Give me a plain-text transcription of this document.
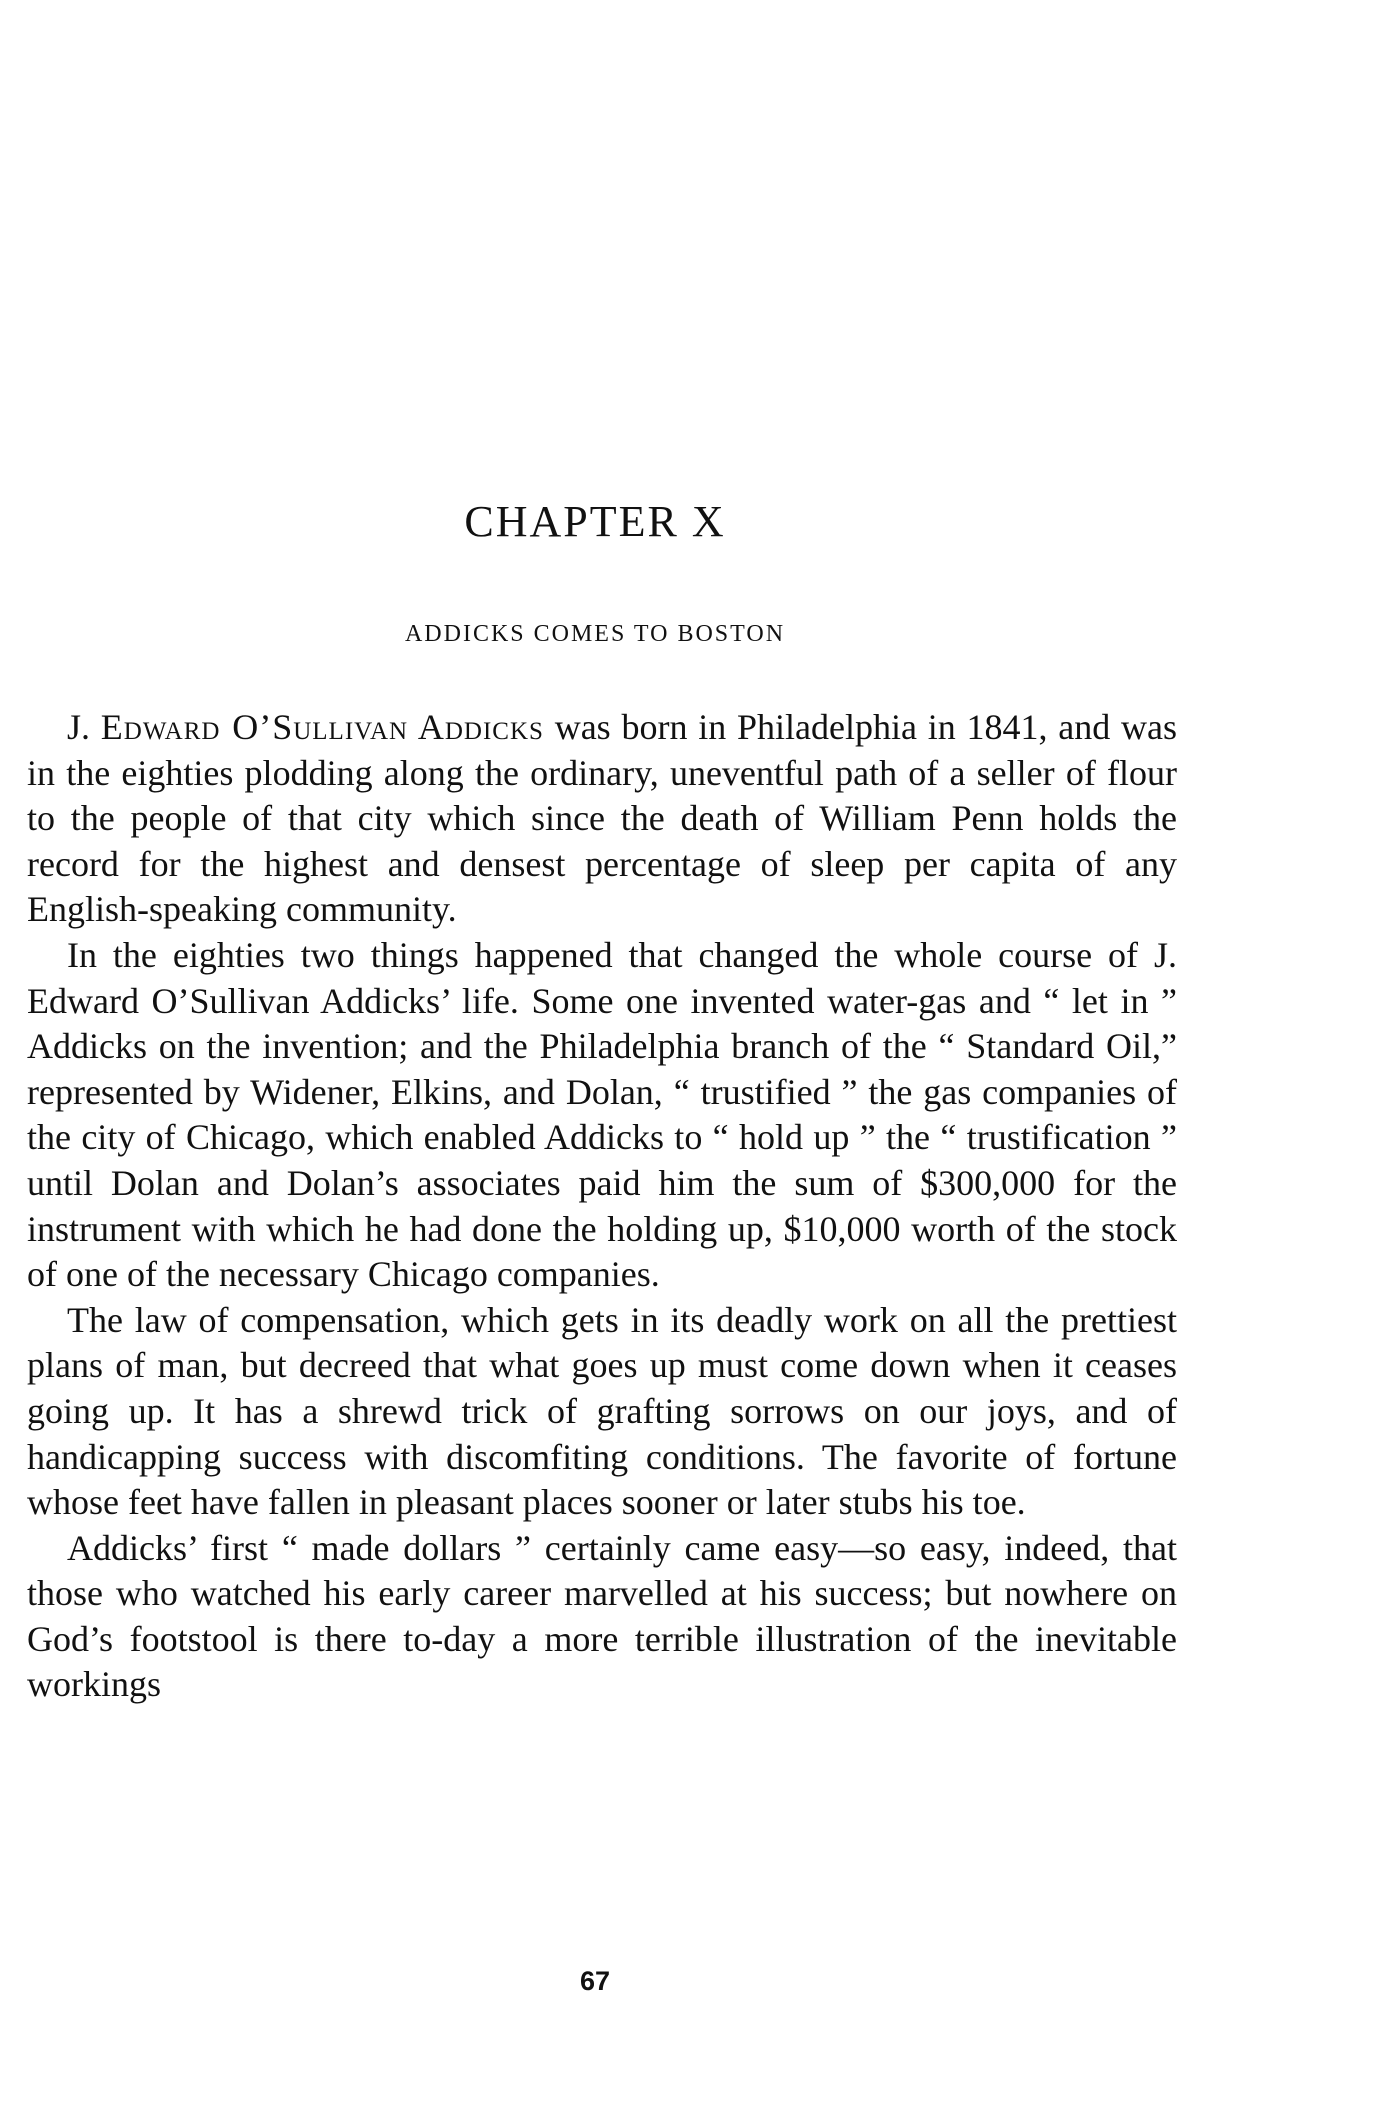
CHAPTER X
ADDICKS COMES TO BOSTON

J. Edward O’Sullivan Addicks was born in Philadelphia in 1841, and was in the eighties plodding along the ordinary, uneventful path of a seller of flour to the people of that city which since the death of William Penn holds the record for the highest and densest percentage of sleep per capita of any English-speaking community.

In the eighties two things happened that changed the whole course of J. Edward O’Sullivan Addicks’ life. Some one invented water-gas and “ let in ” Addicks on the invention; and the Philadelphia branch of the “ Standard Oil,” represented by Widener, Elkins, and Dolan, “ trustified ” the gas companies of the city of Chicago, which enabled Addicks to “ hold up ” the “ trustification ” until Dolan and Dolan’s associates paid him the sum of $300,000 for the instrument with which he had done the holding up, $10,000 worth of the stock of one of the necessary Chicago companies.

The law of compensation, which gets in its deadly work on all the prettiest plans of man, but decreed that what goes up must come down when it ceases going up. It has a shrewd trick of grafting sorrows on our joys, and of handicapping success with discomfiting conditions. The favorite of fortune whose feet have fallen in pleasant places sooner or later stubs his toe.

Addicks’ first “ made dollars ” certainly came easy—so easy, indeed, that those who watched his early career marvelled at his success; but nowhere on God’s footstool is there to-day a more terrible illustration of the inevitable workings

67
